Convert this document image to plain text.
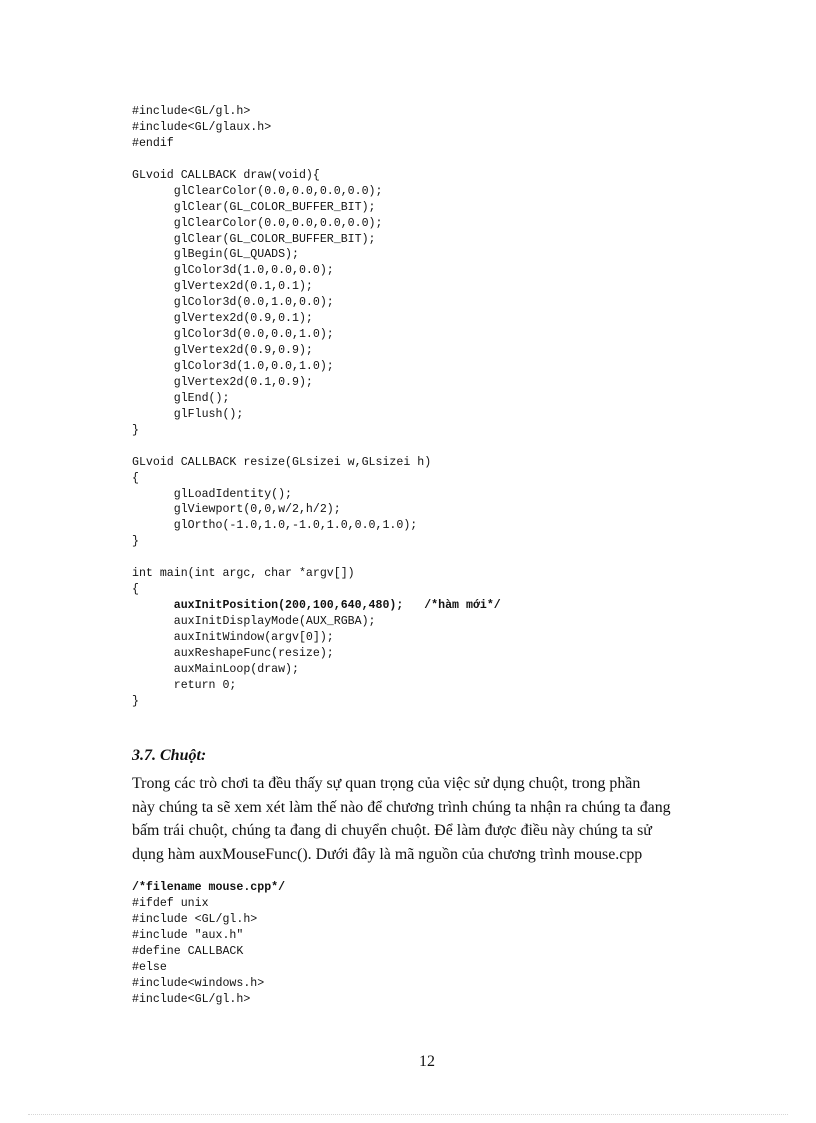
#include<GL/gl.h>
#include<GL/glaux.h>
#endif
GLvoid CALLBACK draw(void){
glClearColor(0.0,0.0,0.0,0.0);
glClear(GL_COLOR_BUFFER_BIT);
glClearColor(0.0,0.0,0.0,0.0);
glClear(GL_COLOR_BUFFER_BIT);
glBegin(GL_QUADS);
glColor3d(1.0,0.0,0.0);
glVertex2d(0.1,0.1);
glColor3d(0.0,1.0,0.0);
glVertex2d(0.9,0.1);
glColor3d(0.0,0.0,1.0);
glVertex2d(0.9,0.9);
glColor3d(1.0,0.0,1.0);
glVertex2d(0.1,0.9);
glEnd();
glFlush();
}
GLvoid CALLBACK resize(GLsizei w,GLsizei h)
{
glLoadIdentity();
glViewport(0,0,w/2,h/2);
glOrtho(-1.0,1.0,-1.0,1.0,0.0,1.0);
}
int main(int argc, char *argv[])
{
auxInitPosition(200,100,640,480);   /*hàm mới*/
auxInitDisplayMode(AUX_RGBA);
auxInitWindow(argv[0]);
auxReshapeFunc(resize);
auxMainLoop(draw);
return 0;
}
3.7. Chuột:

Trong các trò chơi ta đều thấy sự quan trọng của việc sử dụng chuột, trong phần
này chúng ta sẽ xem xét làm thế nào để chương trình chúng ta nhận ra chúng ta đang
bấm trái chuột, chúng ta đang di chuyển chuột. Để làm được điều này chúng ta sử
dụng hàm auxMouseFunc(). Dưới đây là mã nguồn của chương trình mouse.cpp

/*filename mouse.cpp*/
#ifdef unix
#include <GL/gl.h>
#include "aux.h"
#define CALLBACK
#else
#include<windows.h>
#include<GL/gl.h>
12
